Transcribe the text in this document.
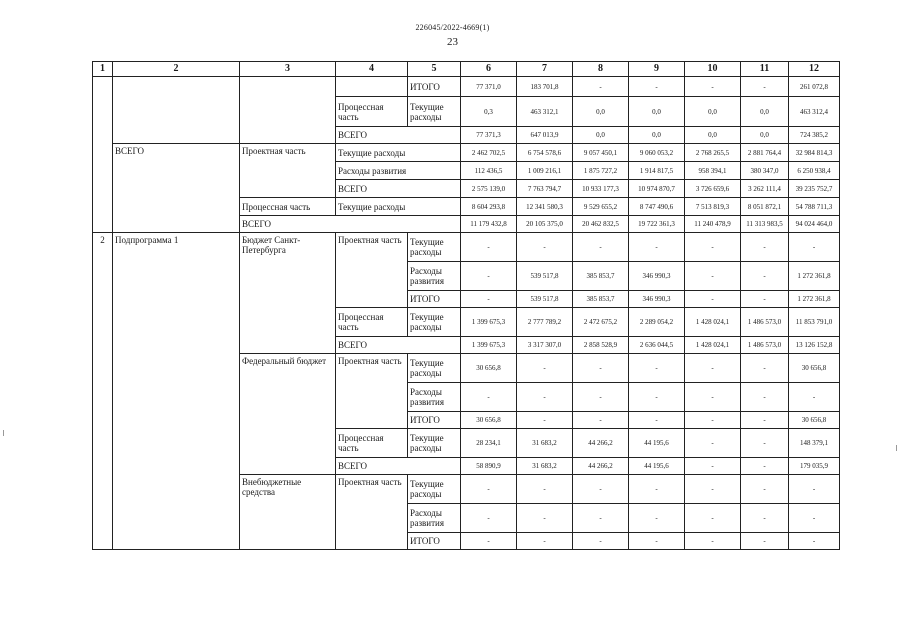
226045/2022-4669(1)
23
1	2	3	4	5	6	7	8	9	10	11	12
				ИТОГО	77 371,0	183 701,8	-	-	-	-	261 072,8
			Процессная часть	Текущие расходы	0,3	463 312,1	0,0	0,0	0,0	0,0	463 312,4
			ВСЕГО		77 371,3	647 013,9	0,0	0,0	0,0	0,0	724 385,2
	ВСЕГО	Проектная часть	Текущие расходы		2 462 702,5	6 754 578,6	9 057 450,1	9 060 053,2	2 768 265,5	2 881 764,4	32 984 814,3
			Расходы развития		112 436,5	1 009 216,1	1 875 727,2	1 914 817,5	958 394,1	380 347,0	6 250 938,4
			ВСЕГО		2 575 139,0	7 763 794,7	10 933 177,3	10 974 870,7	3 726 659,6	3 262 111,4	39 235 752,7
		Процессная часть	Текущие расходы		8 604 293,8	12 341 580,3	9 529 655,2	8 747 490,6	7 513 819,3	8 051 872,1	54 788 711,3
		ВСЕГО			11 179 432,8	20 105 375,0	20 462 832,5	19 722 361,3	11 240 478,9	11 313 983,5	94 024 464,0
2	Подпрограмма 1	Бюджет Санкт-Петербурга	Проектная часть	Текущие расходы	-	-	-	-	-	-	-
				Расходы развития	-	539 517,8	385 853,7	346 990,3	-	-	1 272 361,8
				ИТОГО	-	539 517,8	385 853,7	346 990,3	-	-	1 272 361,8
			Процессная часть	Текущие расходы	1 399 675,3	2 777 789,2	2 472 675,2	2 289 054,2	1 428 024,1	1 486 573,0	11 853 791,0
			ВСЕГО		1 399 675,3	3 317 307,0	2 858 528,9	2 636 044,5	1 428 024,1	1 486 573,0	13 126 152,8
		Федеральный бюджет	Проектная часть	Текущие расходы	30 656,8	-	-	-	-	-	30 656,8
				Расходы развития	-	-	-	-	-	-	-
				ИТОГО	30 656,8	-	-	-	-	-	30 656,8
			Процессная часть	Текущие расходы	28 234,1	31 683,2	44 266,2	44 195,6	-	-	148 379,1
			ВСЕГО		58 890,9	31 683,2	44 266,2	44 195,6	-	-	179 035,9
		Внебюджетные средства	Проектная часть	Текущие расходы	-	-	-	-	-	-	-
				Расходы развития	-	-	-	-	-	-	-
				ИТОГО	-	-	-	-	-	-	-
